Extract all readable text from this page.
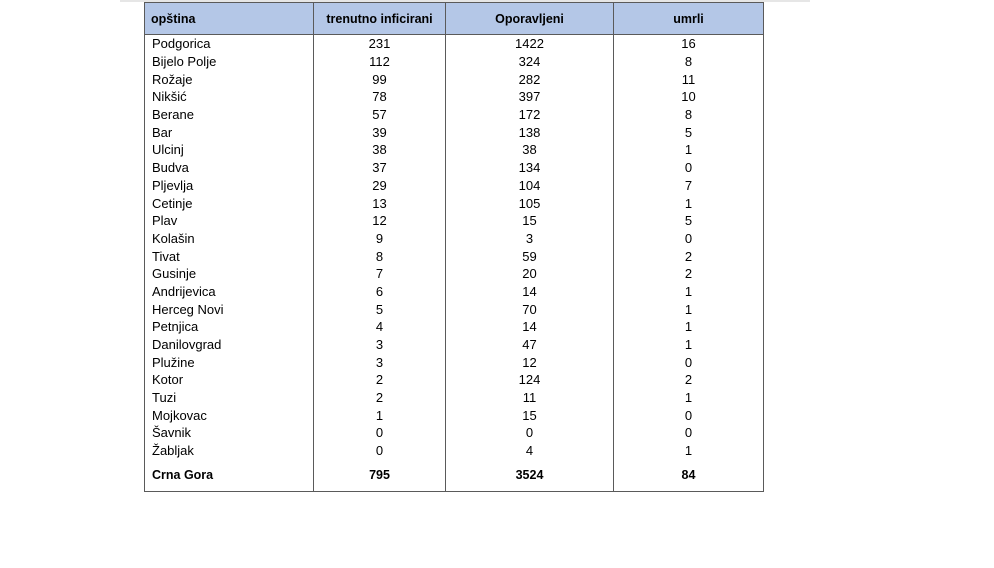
opština	trenutno inficirani	Oporavljeni	umrli
Podgorica	231	1422	16
Bijelo Polje	112	324	8
Rožaje	99	282	11
Nikšić	78	397	10
Berane	57	172	8
Bar	39	138	5
Ulcinj	38	38	1
Budva	37	134	0
Pljevlja	29	104	7
Cetinje	13	105	1
Plav	12	15	5
Kolašin	9	3	0
Tivat	8	59	2
Gusinje	7	20	2
Andrijevica	6	14	1
Herceg Novi	5	70	1
Petnjica	4	14	1
Danilovgrad	3	47	1
Plužine	3	12	0
Kotor	2	124	2
Tuzi	2	11	1
Mojkovac	1	15	0
Šavnik	0	0	0
Žabljak	0	4	1
Crna Gora	795	3524	84
